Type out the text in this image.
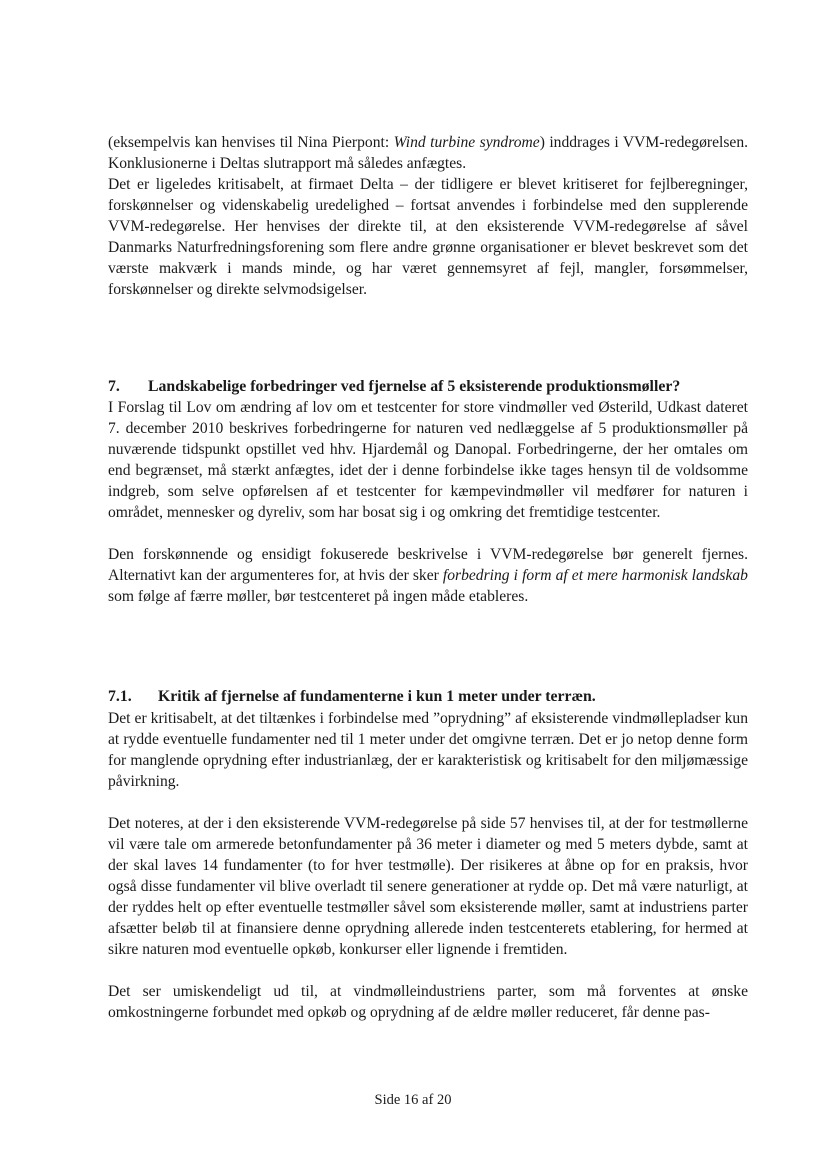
(eksempelvis kan henvises til Nina Pierpont: Wind turbine syndrome) inddrages i VVM-redegørelsen. Konklusionerne i Deltas slutrapport må således anfægtes.

Det er ligeledes kritisabelt, at firmaet Delta – der tidligere er blevet kritiseret for fejlberegninger, forskønnelser og videnskabelig uredelighed – fortsat anvendes i forbindelse med den supplerende VVM-redegørelse. Her henvises der direkte til, at den eksisterende VVM-redegørelse af såvel Danmarks Naturfredningsforening som flere andre grønne organisationer er blevet beskrevet som det værste makværk i mands minde, og har været gennemsyret af fejl, mangler, forsømmelser, forskønnelser og direkte selvmodsigelser.

7. Landskabelige forbedringer ved fjernelse af 5 eksisterende produktionsmøller?

I Forslag til Lov om ændring af lov om et testcenter for store vindmøller ved Østerild, Udkast dateret 7. december 2010 beskrives forbedringerne for naturen ved nedlæggelse af 5 produktionsmøller på nuværende tidspunkt opstillet ved hhv. Hjardemål og Danopal. Forbedringerne, der her omtales om end begrænset, må stærkt anfægtes, idet der i denne forbindelse ikke tages hensyn til de voldsomme indgreb, som selve opførelsen af et testcenter for kæmpevindmøller vil medfører for naturen i området, mennesker og dyreliv, som har bosat sig i og omkring det fremtidige testcenter.

Den forskønnende og ensidigt fokuserede beskrivelse i VVM-redegørelse bør generelt fjernes. Alternativt kan der argumenteres for, at hvis der sker forbedring i form af et mere harmonisk landskab som følge af færre møller, bør testcenteret på ingen måde etableres.

7.1. Kritik af fjernelse af fundamenterne i kun 1 meter under terræn.

Det er kritisabelt, at det tiltænkes i forbindelse med ”oprydning” af eksisterende vindmøllepladser kun at rydde eventuelle fundamenter ned til 1 meter under det omgivne terræn. Det er jo netop denne form for manglende oprydning efter industrianlæg, der er karakteristisk og kritisabelt for den miljømæssige påvirkning.

Det noteres, at der i den eksisterende VVM-redegørelse på side 57 henvises til, at der for testmøllerne vil være tale om armerede betonfundamenter på 36 meter i diameter og med 5 meters dybde, samt at der skal laves 14 fundamenter (to for hver testmølle). Der risikeres at åbne op for en praksis, hvor også disse fundamenter vil blive overladt til senere generationer at rydde op. Det må være naturligt, at der ryddes helt op efter eventuelle testmøller såvel som eksisterende møller, samt at industriens parter afsætter beløb til at finansiere denne oprydning allerede inden testcenterets etablering, for hermed at sikre naturen mod eventuelle opkøb, konkurser eller lignende i fremtiden.

Det ser umiskendeligt ud til, at vindmølleindustriens parter, som må forventes at ønske omkostningerne forbundet med opkøb og oprydning af de ældre møller reduceret, får denne pas-

Side 16 af 20
